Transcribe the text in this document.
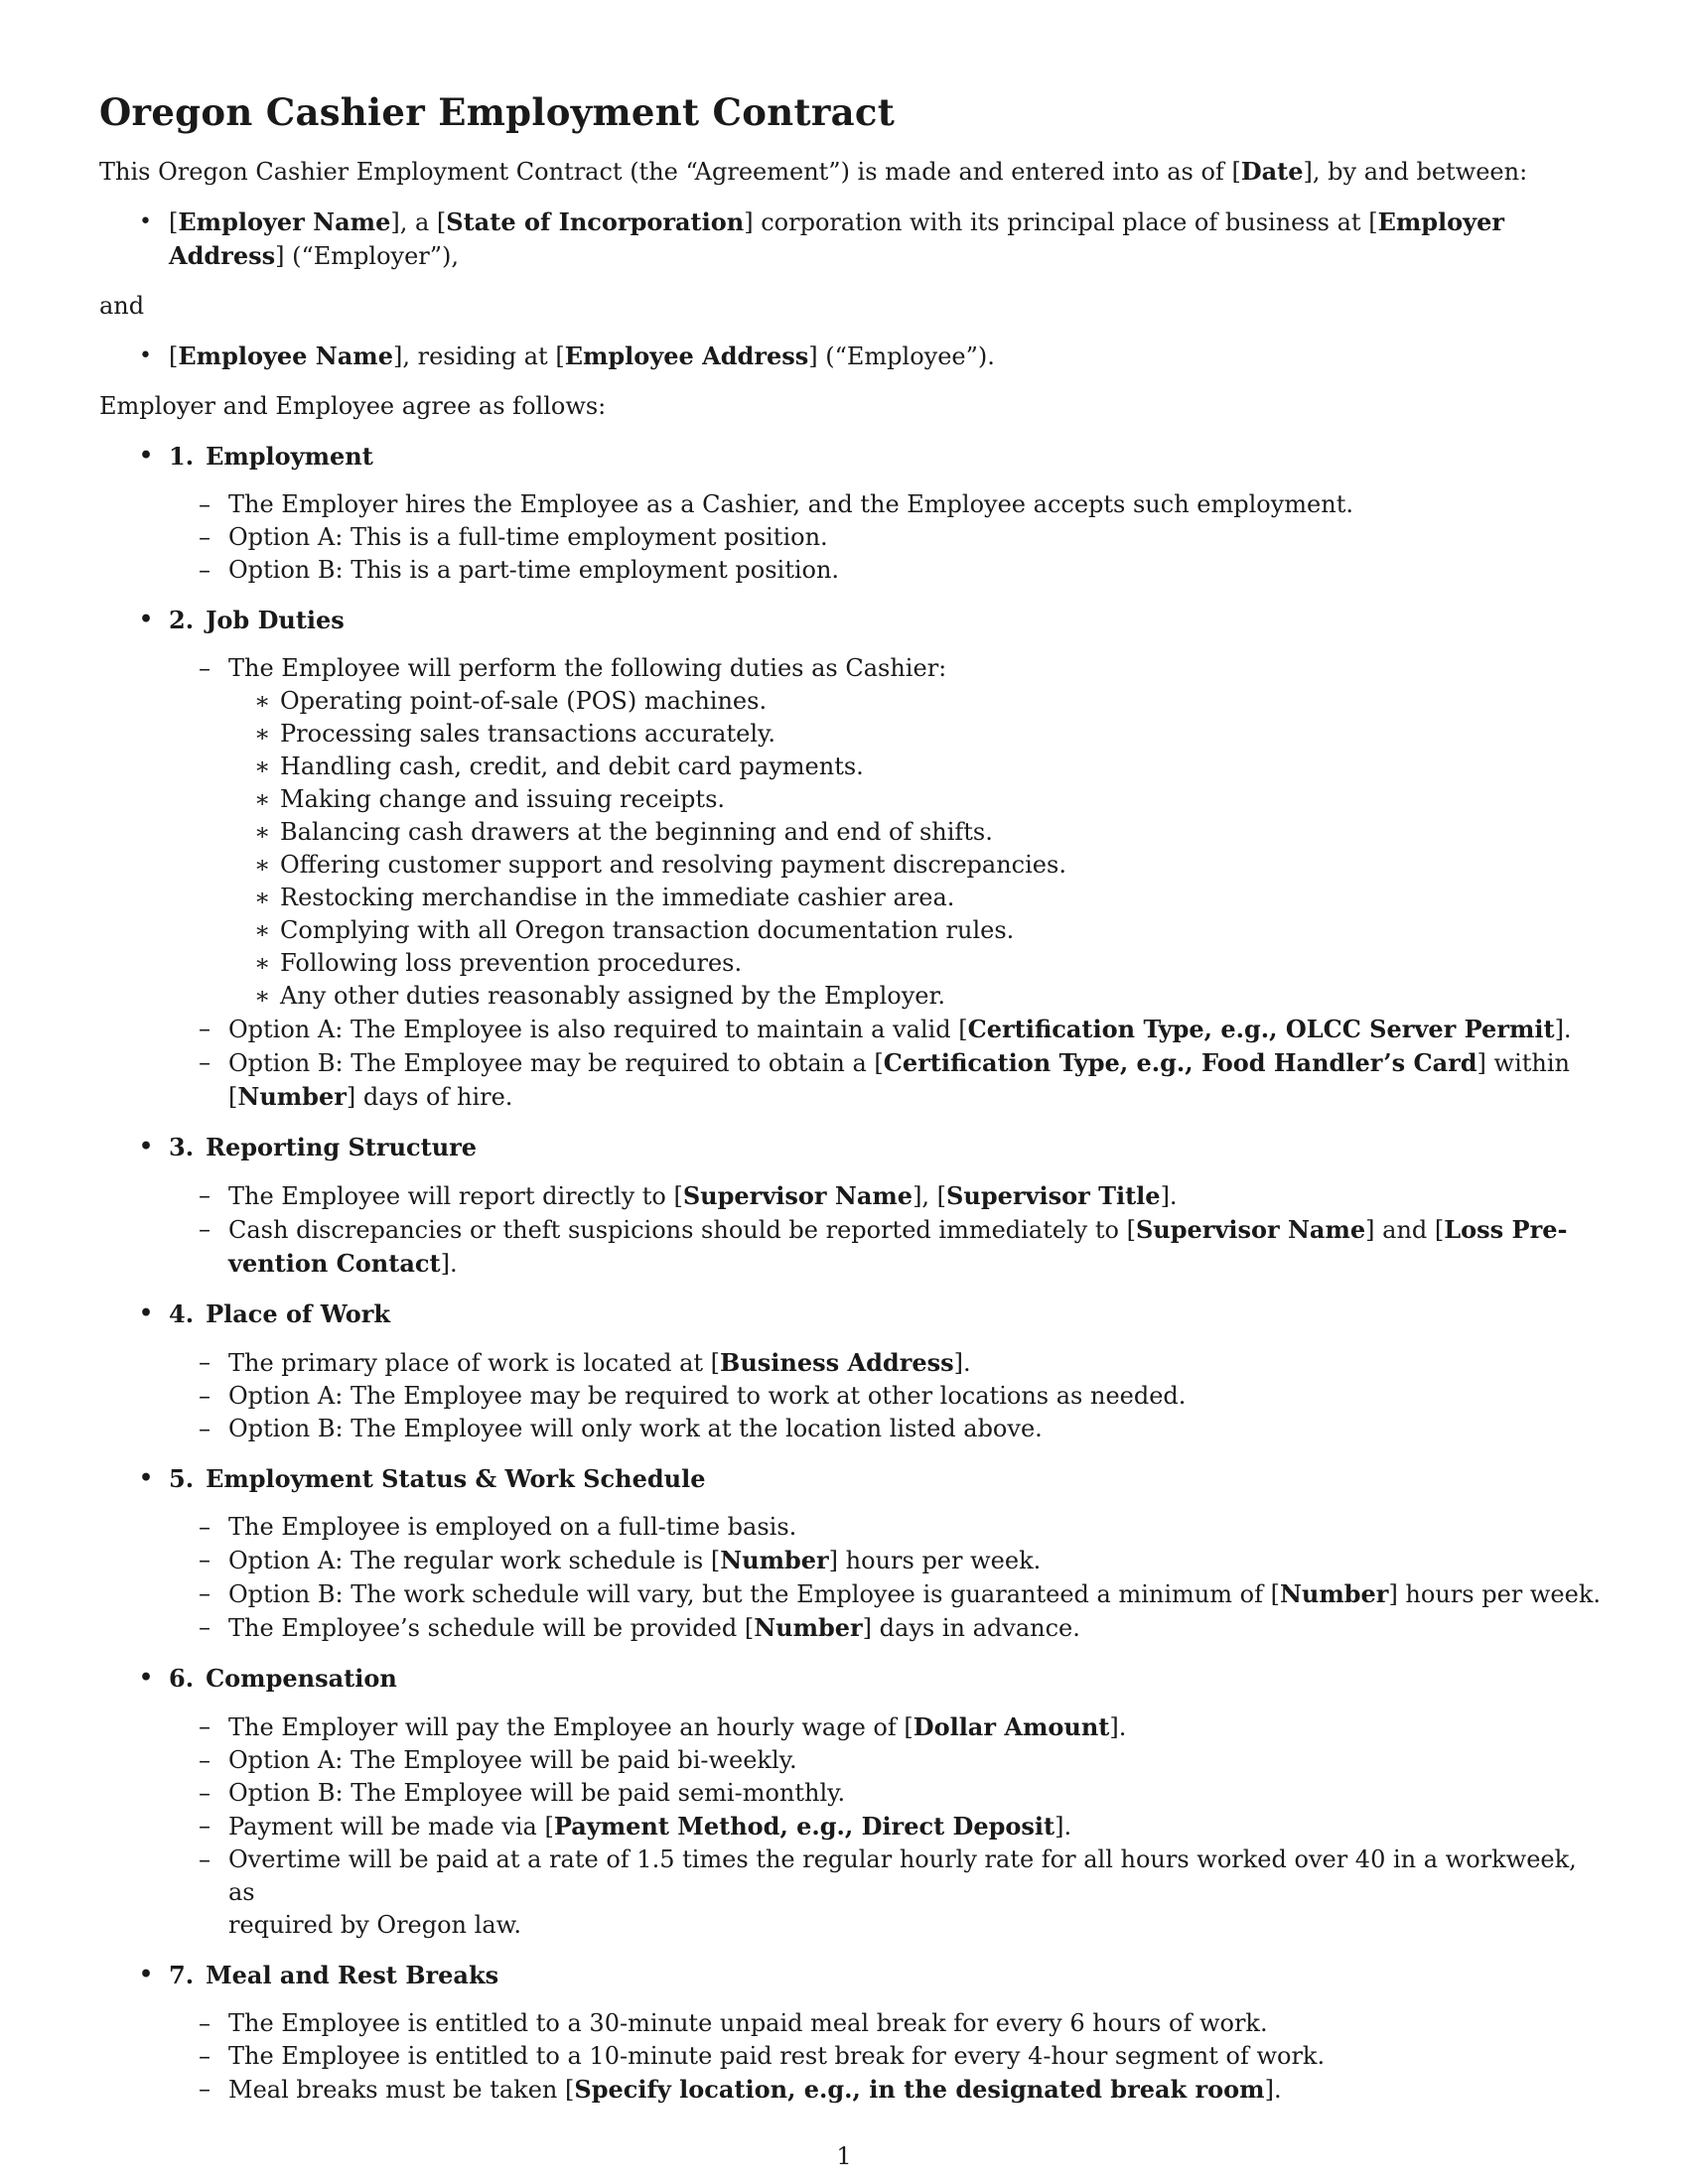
Oregon Cashier Employment Contract

This Oregon Cashier Employment Contract (the “Agreement”) is made and entered into as of [Date], by and between:

• [Employer Name], a [State of Incorporation] corporation with its principal place of business at [Employer Address] (“Employer”),

and

• [Employee Name], residing at [Employee Address] (“Employee”).

Employer and Employee agree as follows:

• 1. Employment
– The Employer hires the Employee as a Cashier, and the Employee accepts such employment.
– Option A: This is a full-time employment position.
– Option B: This is a part-time employment position.
• 2. Job Duties
– The Employee will perform the following duties as Cashier:
∗ Operating point-of-sale (POS) machines.
∗ Processing sales transactions accurately.
∗ Handling cash, credit, and debit card payments.
∗ Making change and issuing receipts.
∗ Balancing cash drawers at the beginning and end of shifts.
∗ Offering customer support and resolving payment discrepancies.
∗ Restocking merchandise in the immediate cashier area.
∗ Complying with all Oregon transaction documentation rules.
∗ Following loss prevention procedures.
∗ Any other duties reasonably assigned by the Employer.
– Option A: The Employee is also required to maintain a valid [Certification Type, e.g., OLCC Server Permit].
– Option B: The Employee may be required to obtain a [Certification Type, e.g., Food Handler’s Card] within [Number] days of hire.
• 3. Reporting Structure
– The Employee will report directly to [Supervisor Name], [Supervisor Title].
– Cash discrepancies or theft suspicions should be reported immediately to [Supervisor Name] and [Loss Pre-
vention Contact].
• 4. Place of Work
– The primary place of work is located at [Business Address].
– Option A: The Employee may be required to work at other locations as needed.
– Option B: The Employee will only work at the location listed above.
• 5. Employment Status & Work Schedule
– The Employee is employed on a full-time basis.
– Option A: The regular work schedule is [Number] hours per week.
– Option B: The work schedule will vary, but the Employee is guaranteed a minimum of [Number] hours per week.
– The Employee’s schedule will be provided [Number] days in advance.
• 6. Compensation
– The Employer will pay the Employee an hourly wage of [Dollar Amount].
– Option A: The Employee will be paid bi-weekly.
– Option B: The Employee will be paid semi-monthly.
– Payment will be made via [Payment Method, e.g., Direct Deposit].
– Overtime will be paid at a rate of 1.5 times the regular hourly rate for all hours worked over 40 in a workweek, as
required by Oregon law.
• 7. Meal and Rest Breaks
– The Employee is entitled to a 30-minute unpaid meal break for every 6 hours of work.
– The Employee is entitled to a 10-minute paid rest break for every 4-hour segment of work.
– Meal breaks must be taken [Specify location, e.g., in the designated break room].
1
